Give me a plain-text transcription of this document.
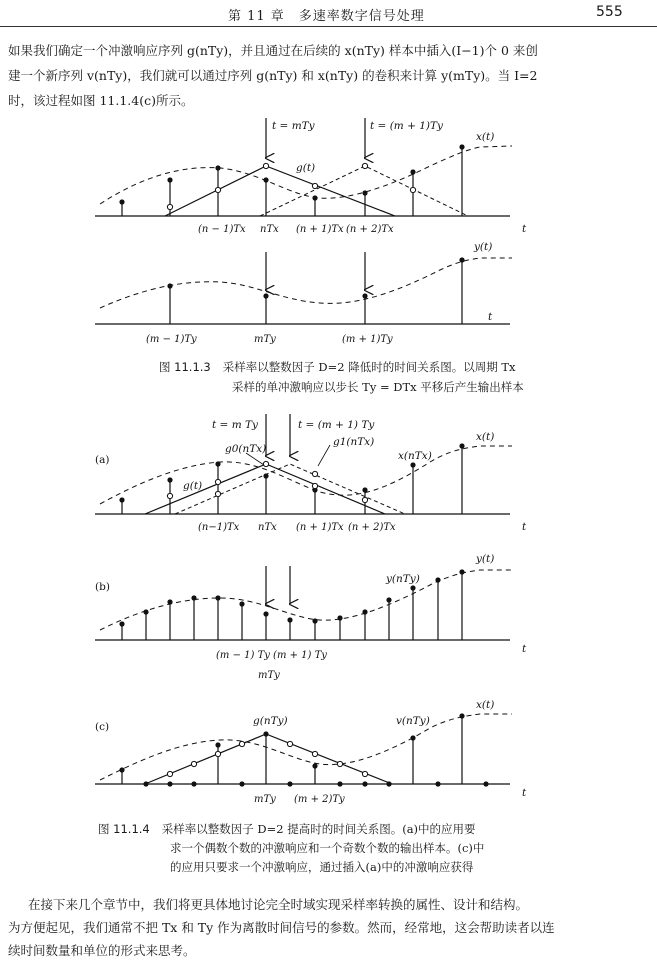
第 11 章　多速率数字信号处理	555
如果我们确定一个冲激响应序列 g(nTy)，并且通过在后续的 x(nTy) 样本中插入(I−1)个 0 来创
建一个新序列 v(nTy)，我们就可以通过序列 g(nTy) 和 x(nTy) 的卷积来计算 y(mTy)。当 I=2
时，该过程如图 11.1.4(c)所示。
t = mTy	t = (m + 1)Ty
g(t)
x(t)
t
(n − 1)Tx nTx (n + 1)Tx (n + 2)Tx
y(t)
t
(m − 1)Ty	mTy	(m + 1)Ty
(a)
t = m Ty	t = (m + 1) Ty
g0(nTx)
g1(nTx)
g(t)
x(nTx)
x(t)
t
(n−1)Tx nTx (n + 1)Tx (n + 2)Tx
(b)
y(t)
y(nTy)
t
(m − 1) Ty (m + 1) Ty
mTy
(c)	g(nTy)	v(nTy)
x(t)
t
mTy (m + 2)Ty
图 11.1.3 采样率以整数因子 D=2 降低时的时间关系图。以周期 Tx
采样的单冲激响应以步长 Ty = DTx 平移后产生输出样本
图 11.1.4 采样率以整数因子 D=2 提高时的时间关系图。(a)中的应用要
求一个偶数个数的冲激响应和一个奇数个数的输出样本。(c)中
的应用只要求一个冲激响应，通过插入(a)中的冲激响应获得
在接下来几个章节中，我们将更具体地讨论完全时域实现采样率转换的属性、设计和结构。
为方便起见，我们通常不把 Tx 和 Ty 作为离散时间信号的参数。然而，经常地，这会帮助读者以连
续时间数量和单位的形式来思考。
